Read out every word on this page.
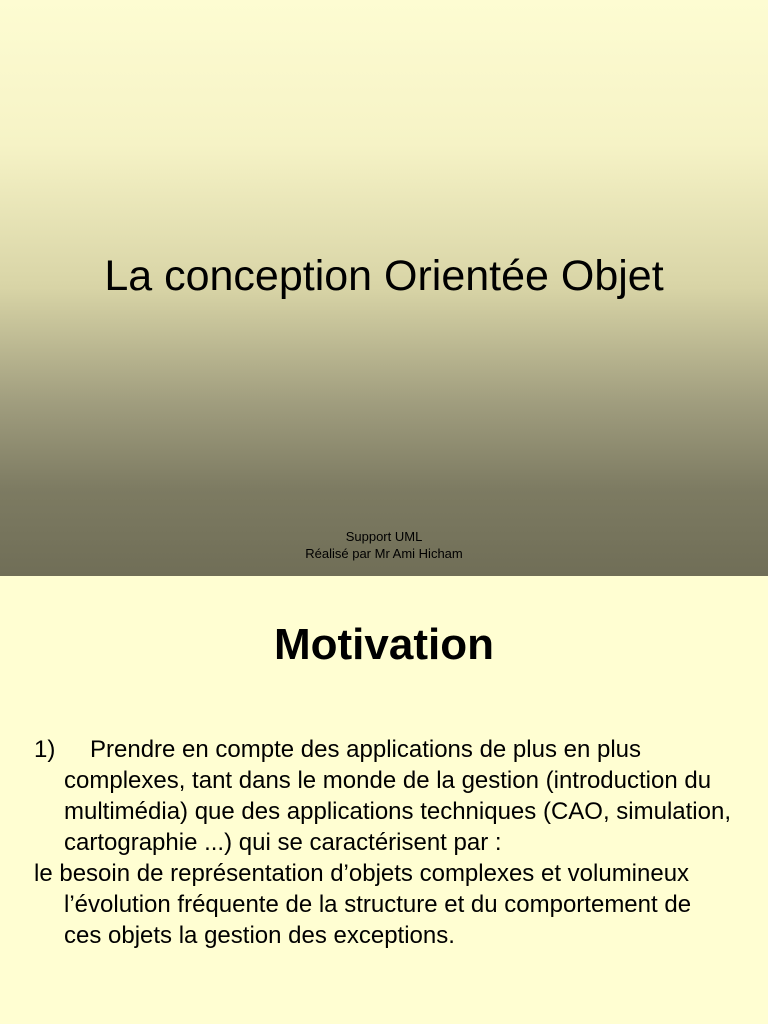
La conception Orientée Objet
Support UML
Réalisé par Mr Ami Hicham
Motivation

1) Prendre en compte des applications de plus en plus complexes, tant dans le monde de la gestion (introduction du multimédia) que des applications techniques (CAO, simulation, cartographie ...) qui se caractérisent par :

le besoin de représentation d’objets complexes et volumineux l’évolution fréquente de la structure et du comportement de ces objets la gestion des exceptions.
